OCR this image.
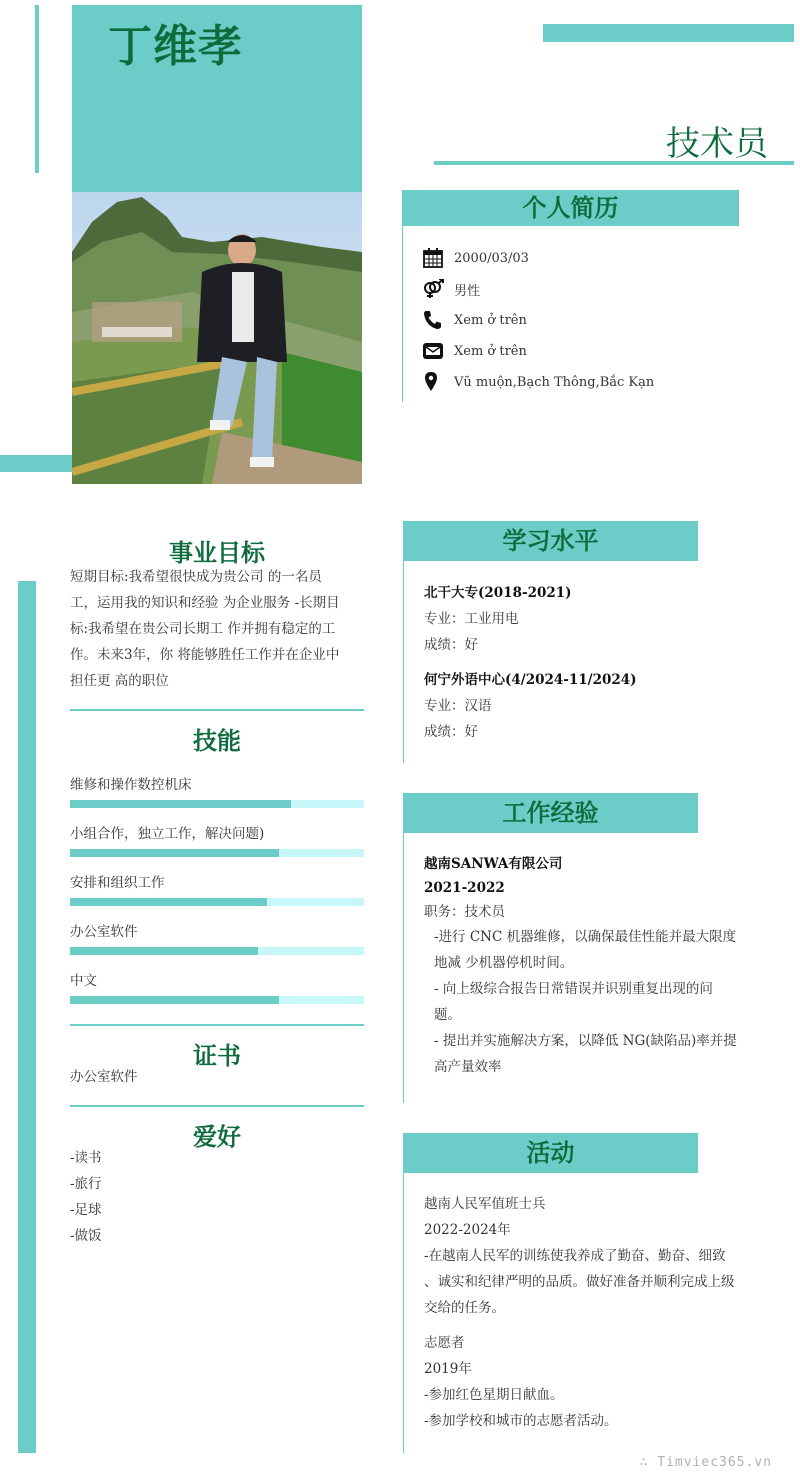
丁维孝
技术员
个人简历
2000/03/03
男性
Xem ở trên
Xem ở trên
Vũ muộn,Bạch Thông,Bắc Kạn
事业目标
短期目标:我希望很快成为贵公司 的一名员
工，运用我的知识和经验 为企业服务 -长期目
标:我希望在贵公司长期工 作并拥有稳定的工
作。未来3年，你 将能够胜任工作并在企业中
担任更 高的职位
技能
维修和操作数控机床
小组合作，独立工作，解决问题)
安排和组织工作
办公室软件
中文
证书
办公室软件
爱好
-读书
-旅行
-足球
-做饭
学习水平
北干大专(2018-2021)
专业：工业用电
成绩：好
何宁外语中心(4/2024-11/2024)
专业：汉语
成绩：好
工作经验
越南SANWA有限公司
2021-2022
职务：技术员
-进行 CNC 机器维修，以确保最佳性能并最大限度
地减 少机器停机时间。
- 向上级综合报告日常错误并识别重复出现的问
题。
- 提出并实施解决方案，以降低 NG(缺陷品)率并提
高产量效率
活动
越南人民军值班士兵
2022-2024年
-在越南人民军的训练使我养成了勤奋、勤奋、细致
、诚实和纪律严明的品质。做好准备并顺利完成上级
交给的任务。
志愿者
2019年
-参加红色星期日献血。
-参加学校和城市的志愿者活动。
∴ Timviec365.vn
